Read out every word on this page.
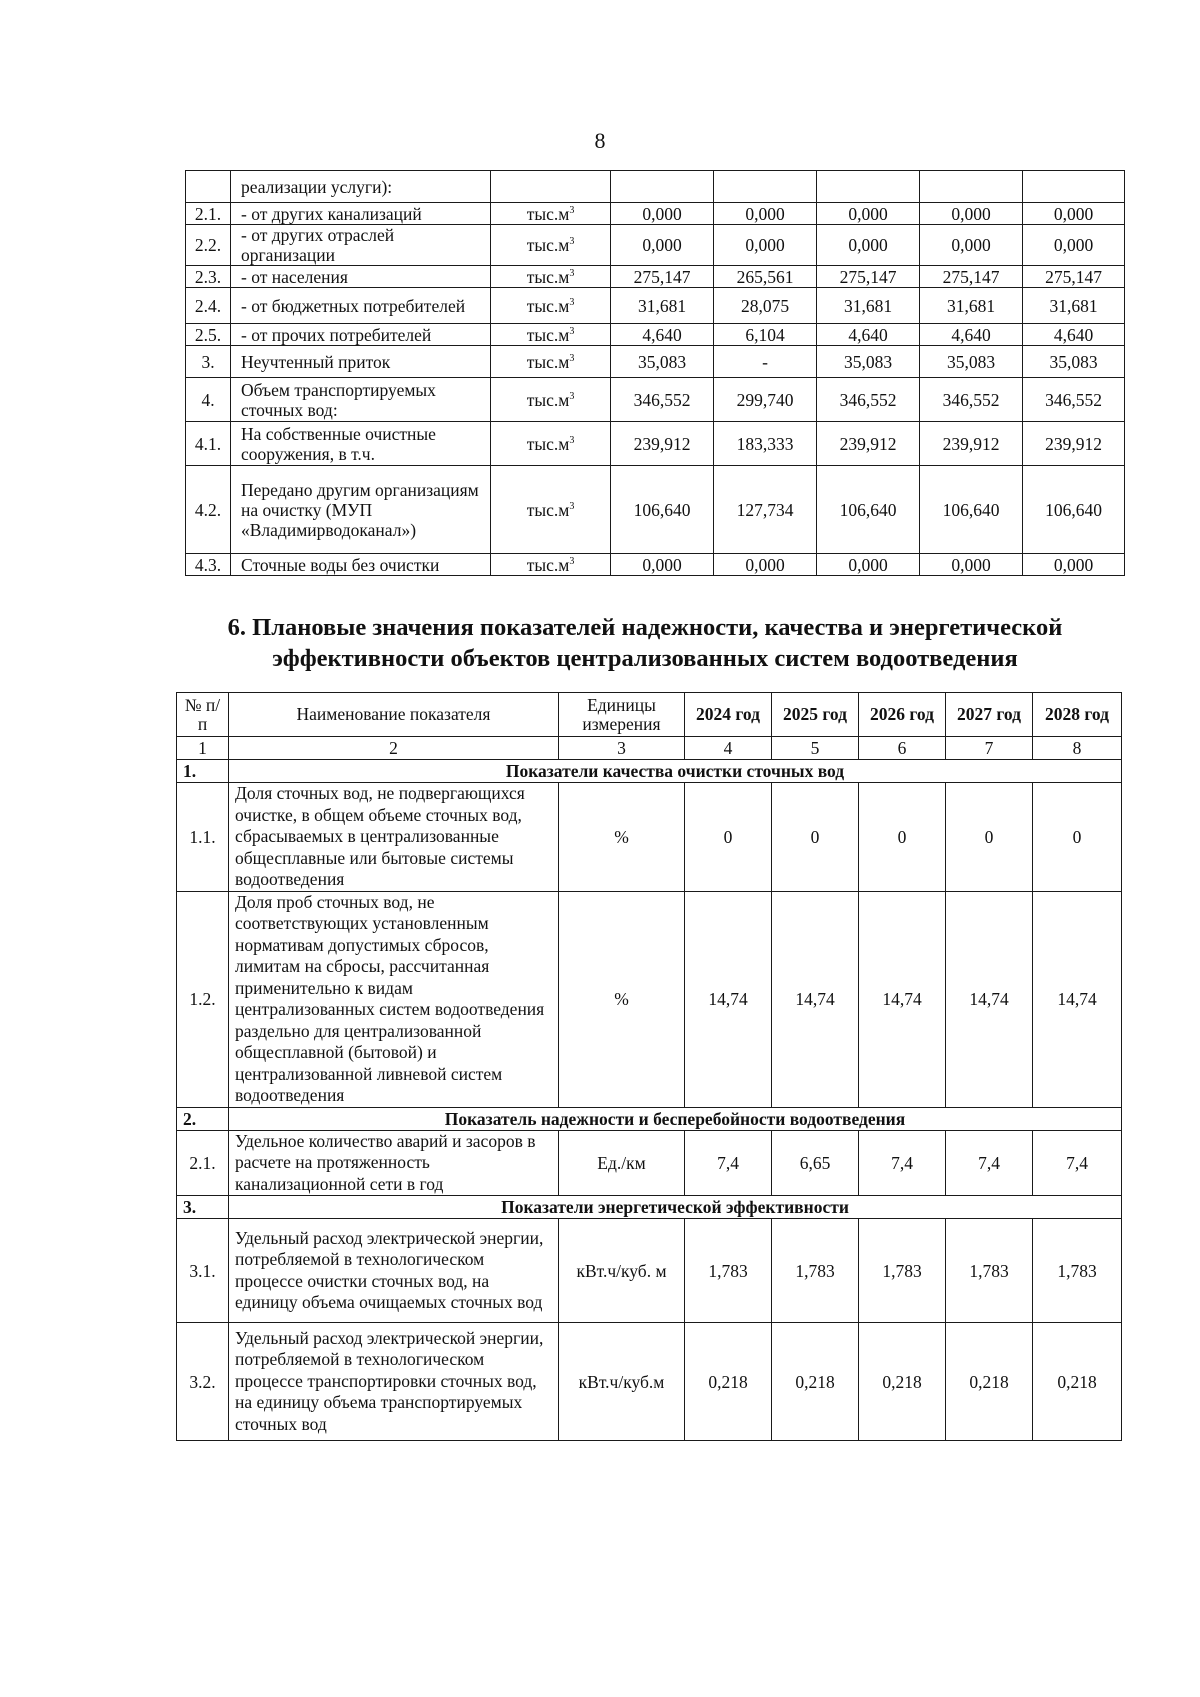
8
	реализации услуги):						
2.1.	- от других канализаций	$тыс.м^3$	0,000	0,000	0,000	0,000	0,000
2.2.	- от других отраслей организации	$тыс.м^3$	0,000	0,000	0,000	0,000	0,000
2.3.	- от населения	$тыс.м^3$	275,147	265,561	275,147	275,147	275,147
2.4.	- от бюджетных потребителей	$тыс.м^3$	31,681	28,075	31,681	31,681	31,681
2.5.	- от прочих потребителей	$тыс.м^3$	4,640	6,104	4,640	4,640	4,640
3.	Неучтенный приток	$тыс.м^3$	35,083	-	35,083	35,083	35,083
4.	Объем транспортируемых сточных вод:	$тыс.м^3$	346,552	299,740	346,552	346,552	346,552
4.1.	На собственные очистные сооружения, в т.ч.	$тыс.м^3$	239,912	183,333	239,912	239,912	239,912
4.2.	Передано другим организациям на очистку (МУП «Владимирводоканал»)	$тыс.м^3$	106,640	127,734	106,640	106,640	106,640
4.3.	Сточные воды без очистки	$тыс.м^3$	0,000	0,000	0,000	0,000	0,000
6. Плановые значения показателей надежности, качества и энергетической эффективности объектов централизованных систем водоотведения
№ п/п	Наименование показателя	Единицы измерения	2024 год	2025 год	2026 год	2027 год	2028 год
1	2	3	4	5	6	7	8
1.	Показатели качества очистки сточных вод						
1.1.	Доля сточных вод, не подвергающихся очистке, в общем объеме сточных вод, сбрасываемых в централизованные общесплавные или бытовые системы водоотведения	%	0	0	0	0	0
1.2.	Доля проб сточных вод, не соответствующих установленным нормативам допустимых сбросов, лимитам на сбросы, рассчитанная применительно к видам централизованных систем водоотведения раздельно для централизованной общесплавной (бытовой) и централизованной ливневой систем водоотведения	%	14,74	14,74	14,74	14,74	14,74
2.	Показатель надежности и бесперебойности водоотведения						
2.1.	Удельное количество аварий и засоров в расчете на протяженность канализационной сети в год	Ед./км	7,4	6,65	7,4	7,4	7,4
3.	Показатели энергетической эффективности						
3.1.	Удельный расход электрической энергии, потребляемой в технологическом процессе очистки сточных вод, на единицу объема очищаемых сточных вод	кВт.ч/куб. м	1,783	1,783	1,783	1,783	1,783
3.2.	Удельный расход электрической энергии, потребляемой в технологическом процессе транспортировки сточных вод, на единицу объема транспортируемых сточных вод	кВт.ч/куб.м	0,218	0,218	0,218	0,218	0,218
